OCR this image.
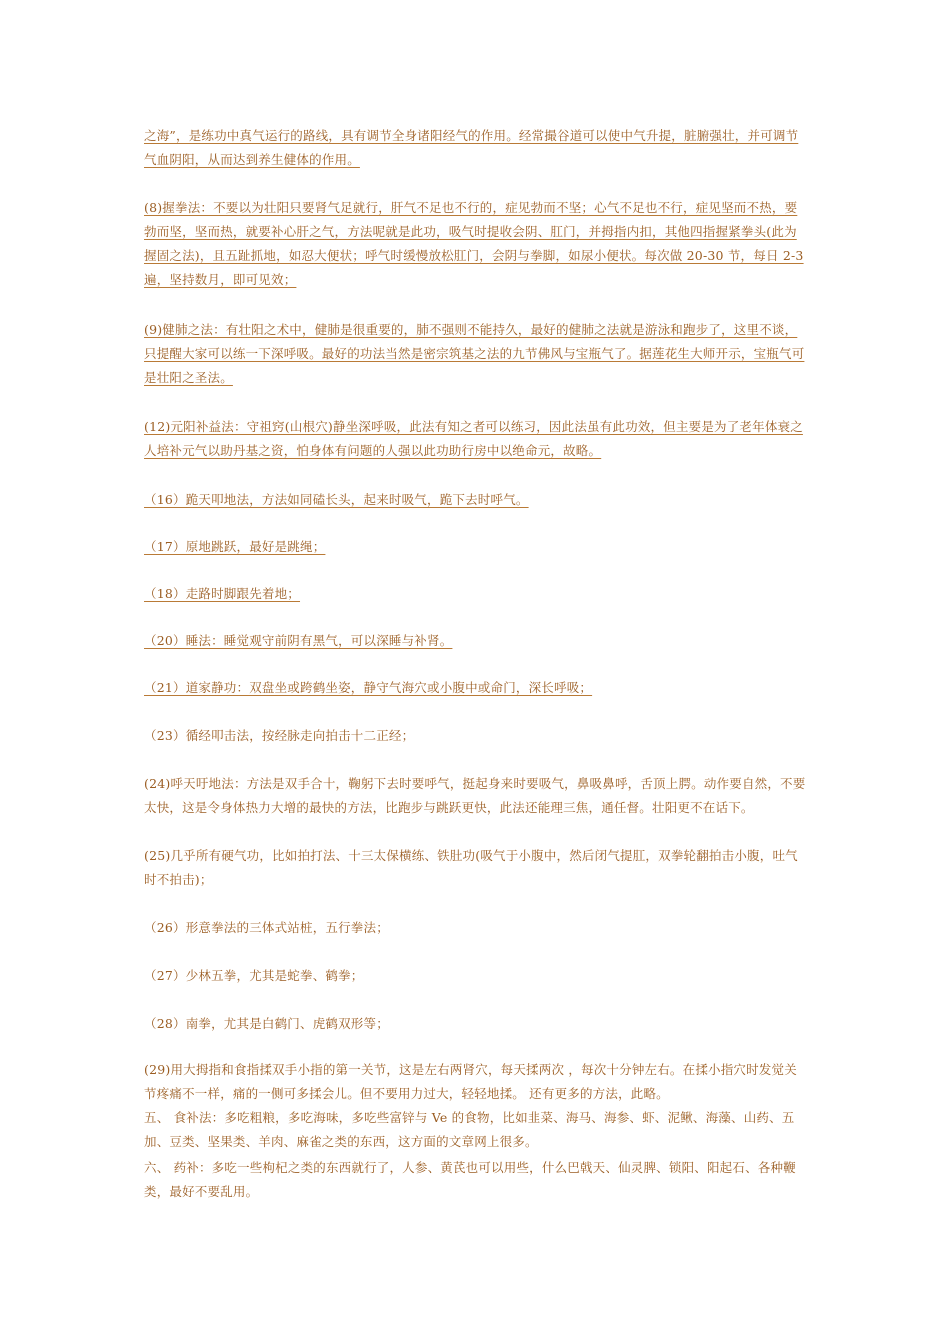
之海”，是练功中真气运行的路线，具有调节全身诸阳经气的作用。经常撮谷道可以使中气升提，脏腑强壮，并可调节气血阴阳，从而达到养生健体的作用。

(8)握拳法：不要以为壮阳只要肾气足就行，肝气不足也不行的，症见勃而不坚；心气不足也不行，症见坚而不热，要勃而坚，坚而热，就要补心肝之气，方法呢就是此功，吸气时提收会阴、肛门，并拇指内扣，其他四指握紧拳头(此为握固之法)，且五趾抓地，如忍大便状；呼气时缓慢放松肛门，会阴与拳脚，如尿小便状。每次做 20-30 节，每日 2-3 遍，坚持数月，即可见效；

(9)健肺之法：有壮阳之术中，健肺是很重要的，肺不强则不能持久，最好的健肺之法就是游泳和跑步了，这里不谈，只提醒大家可以练一下深呼吸。最好的功法当然是密宗筑基之法的九节佛风与宝瓶气了。据莲花生大师开示，宝瓶气可是壮阳之圣法。

(12)元阳补益法：守祖窍(山根穴)静坐深呼吸，此法有知之者可以练习，因此法虽有此功效，但主要是为了老年体衰之人培补元气以助丹基之资，怕身体有问题的人强以此功助行房中以绝命元，故略。

（16）跪天叩地法，方法如同磕长头，起来时吸气，跪下去时呼气。

（17）原地跳跃，最好是跳绳；

（18）走路时脚跟先着地；

（20）睡法：睡觉观守前阴有黑气，可以深睡与补肾。

（21）道家静功：双盘坐或跨鹤坐姿，静守气海穴或小腹中或命门，深长呼吸；

（23）循经叩击法，按经脉走向拍击十二正经；

(24)呼天吁地法：方法是双手合十，鞠躬下去时要呼气，挺起身来时要吸气，鼻吸鼻呼，舌顶上腭。动作要自然，不要太快，这是令身体热力大增的最快的方法，比跑步与跳跃更快，此法还能理三焦，通任督。壮阳更不在话下。

(25)几乎所有硬气功，比如拍打法、十三太保横练、铁肚功(吸气于小腹中，然后闭气提肛，双拳轮翻拍击小腹，吐气时不拍击)；

（26）形意拳法的三体式站桩，五行拳法；

（27）少林五拳，尤其是蛇拳、鹤拳；

（28）南拳，尤其是白鹤门、虎鹤双形等；

(29)用大拇指和食指揉双手小指的第一关节，这是左右两肾穴，每天揉两次 ，每次十分钟左右。在揉小指穴时发觉关节疼痛不一样，痛的一侧可多揉会儿。但不要用力过大，轻轻地揉。 还有更多的方法，此略。

五、 食补法：多吃粗粮，多吃海味，多吃些富锌与 Ve 的食物，比如韭菜、海马、海参、虾、泥鳅、海藻、山药、五加、豆类、坚果类、羊肉、麻雀之类的东西，这方面的文章网上很多。

六、 药补：多吃一些枸杞之类的东西就行了，人参、黄芪也可以用些，什么巴戟天、仙灵脾、锁阳、阳起石、各种鞭类，最好不要乱用。
